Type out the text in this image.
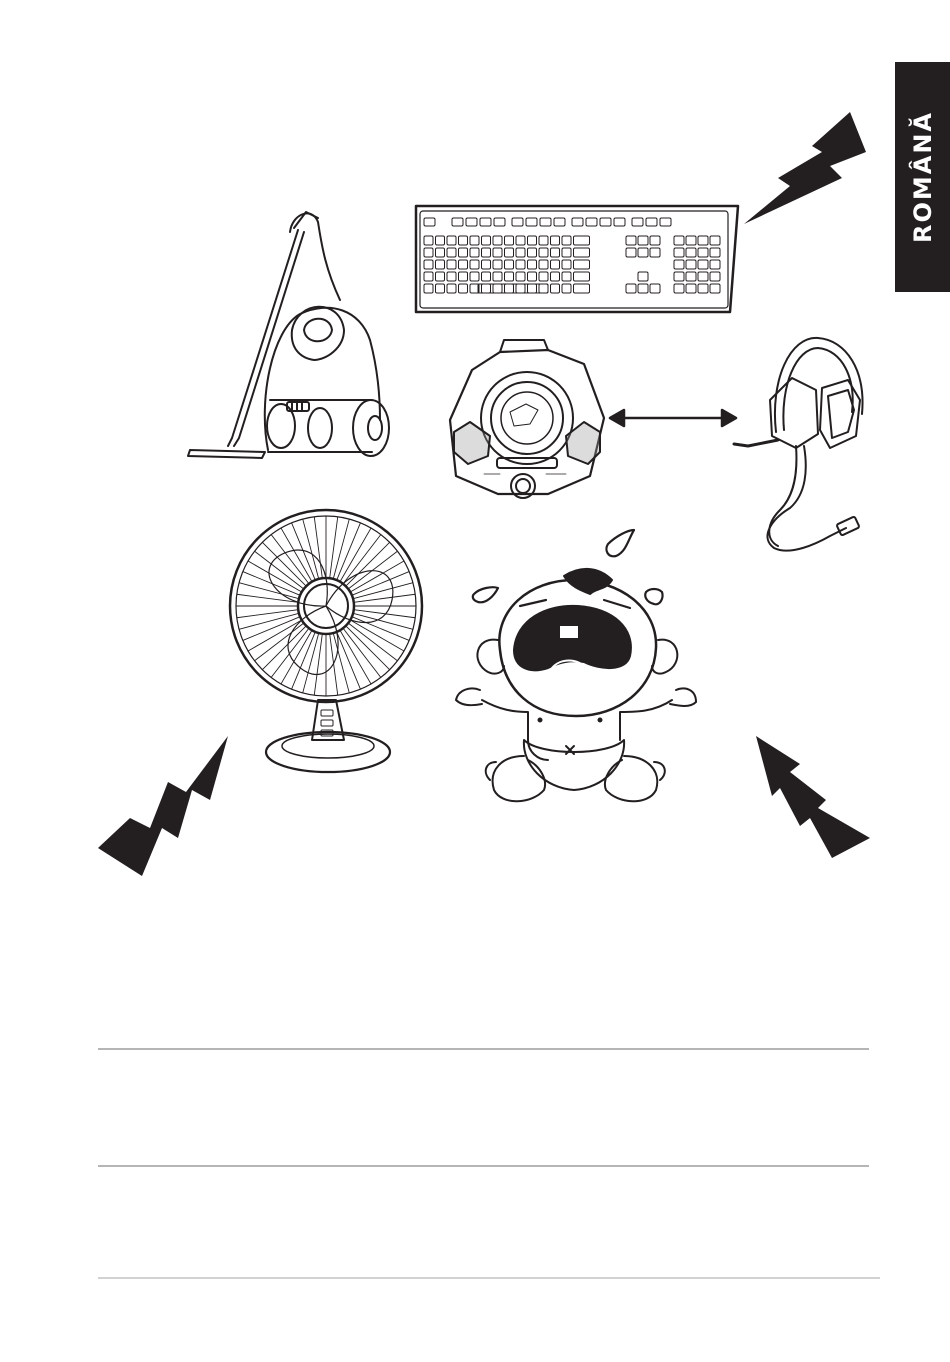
ROMÂNĂ
